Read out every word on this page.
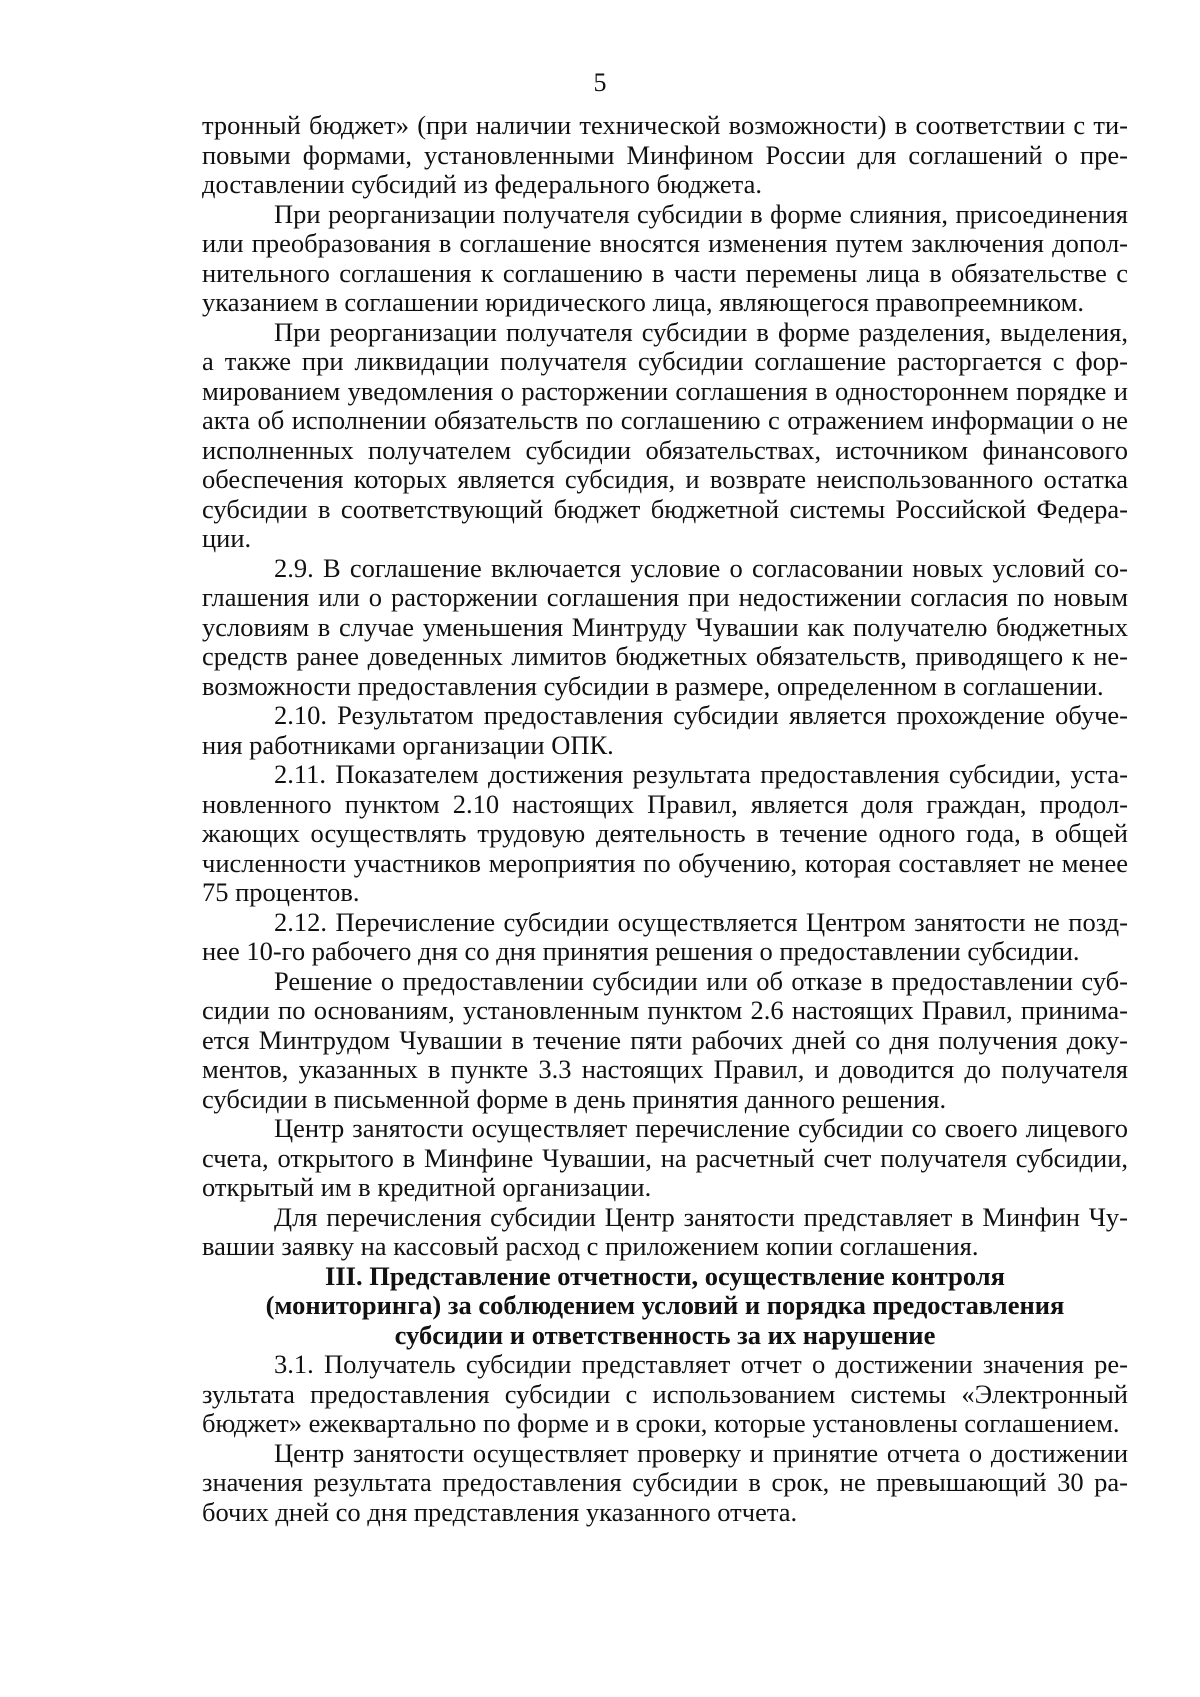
5

тронный бюджет» (при наличии технической возможности) в соответствии с типовыми формами, установленными Минфином России для соглашений о предоставлении субсидий из федерального бюджета.

При реорганизации получателя субсидии в форме слияния, присоединения или преобразования в соглашение вносятся изменения путем заключения дополнительного соглашения к соглашению в части перемены лица в обязательстве с указанием в соглашении юридического лица, являющегося правопреемником.

При реорганизации получателя субсидии в форме разделения, выделения, а также при ликвидации получателя субсидии соглашение расторгается с формированием уведомления о расторжении соглашения в одностороннем порядке и акта об исполнении обязательств по соглашению с отражением информации о не исполненных получателем субсидии обязательствах, источником финансового обеспечения которых является субсидия, и возврате неиспользованного остатка субсидии в соответствующий бюджет бюджетной системы Российской Федерации.

2.9. В соглашение включается условие о согласовании новых условий соглашения или о расторжении соглашения при недостижении согласия по новым условиям в случае уменьшения Минтруду Чувашии как получателю бюджетных средств ранее доведенных лимитов бюджетных обязательств, приводящего к невозможности предоставления субсидии в размере, определенном в соглашении.

2.10. Результатом предоставления субсидии является прохождение обучения работниками организации ОПК.

2.11. Показателем достижения результата предоставления субсидии, установленного пунктом 2.10 настоящих Правил, является доля граждан, продолжающих осуществлять трудовую деятельность в течение одного года, в общей численности участников мероприятия по обучению, которая составляет не менее 75 процентов.

2.12. Перечисление субсидии осуществляется Центром занятости не позднее 10-го рабочего дня со дня принятия решения о предоставлении субсидии.

Решение о предоставлении субсидии или об отказе в предоставлении субсидии по основаниям, установленным пунктом 2.6 настоящих Правил, принимается Минтрудом Чувашии в течение пяти рабочих дней со дня получения документов, указанных в пункте 3.3 настоящих Правил, и доводится до получателя субсидии в письменной форме в день принятия данного решения.

Центр занятости осуществляет перечисление субсидии со своего лицевого счета, открытого в Минфине Чувашии, на расчетный счет получателя субсидии, открытый им в кредитной организации.

Для перечисления субсидии Центр занятости представляет в Минфин Чувашии заявку на кассовый расход с приложением копии соглашения.

III. Представление отчетности, осуществление контроля
(мониторинга) за соблюдением условий и порядка предоставления
субсидии и ответственность за их нарушение

3.1. Получатель субсидии представляет отчет о достижении значения результата предоставления субсидии с использованием системы «Электронный бюджет» ежеквартально по форме и в сроки, которые установлены соглашением.

Центр занятости осуществляет проверку и принятие отчета о достижении значения результата предоставления субсидии в срок, не превышающий 30 рабочих дней со дня представления указанного отчета.
